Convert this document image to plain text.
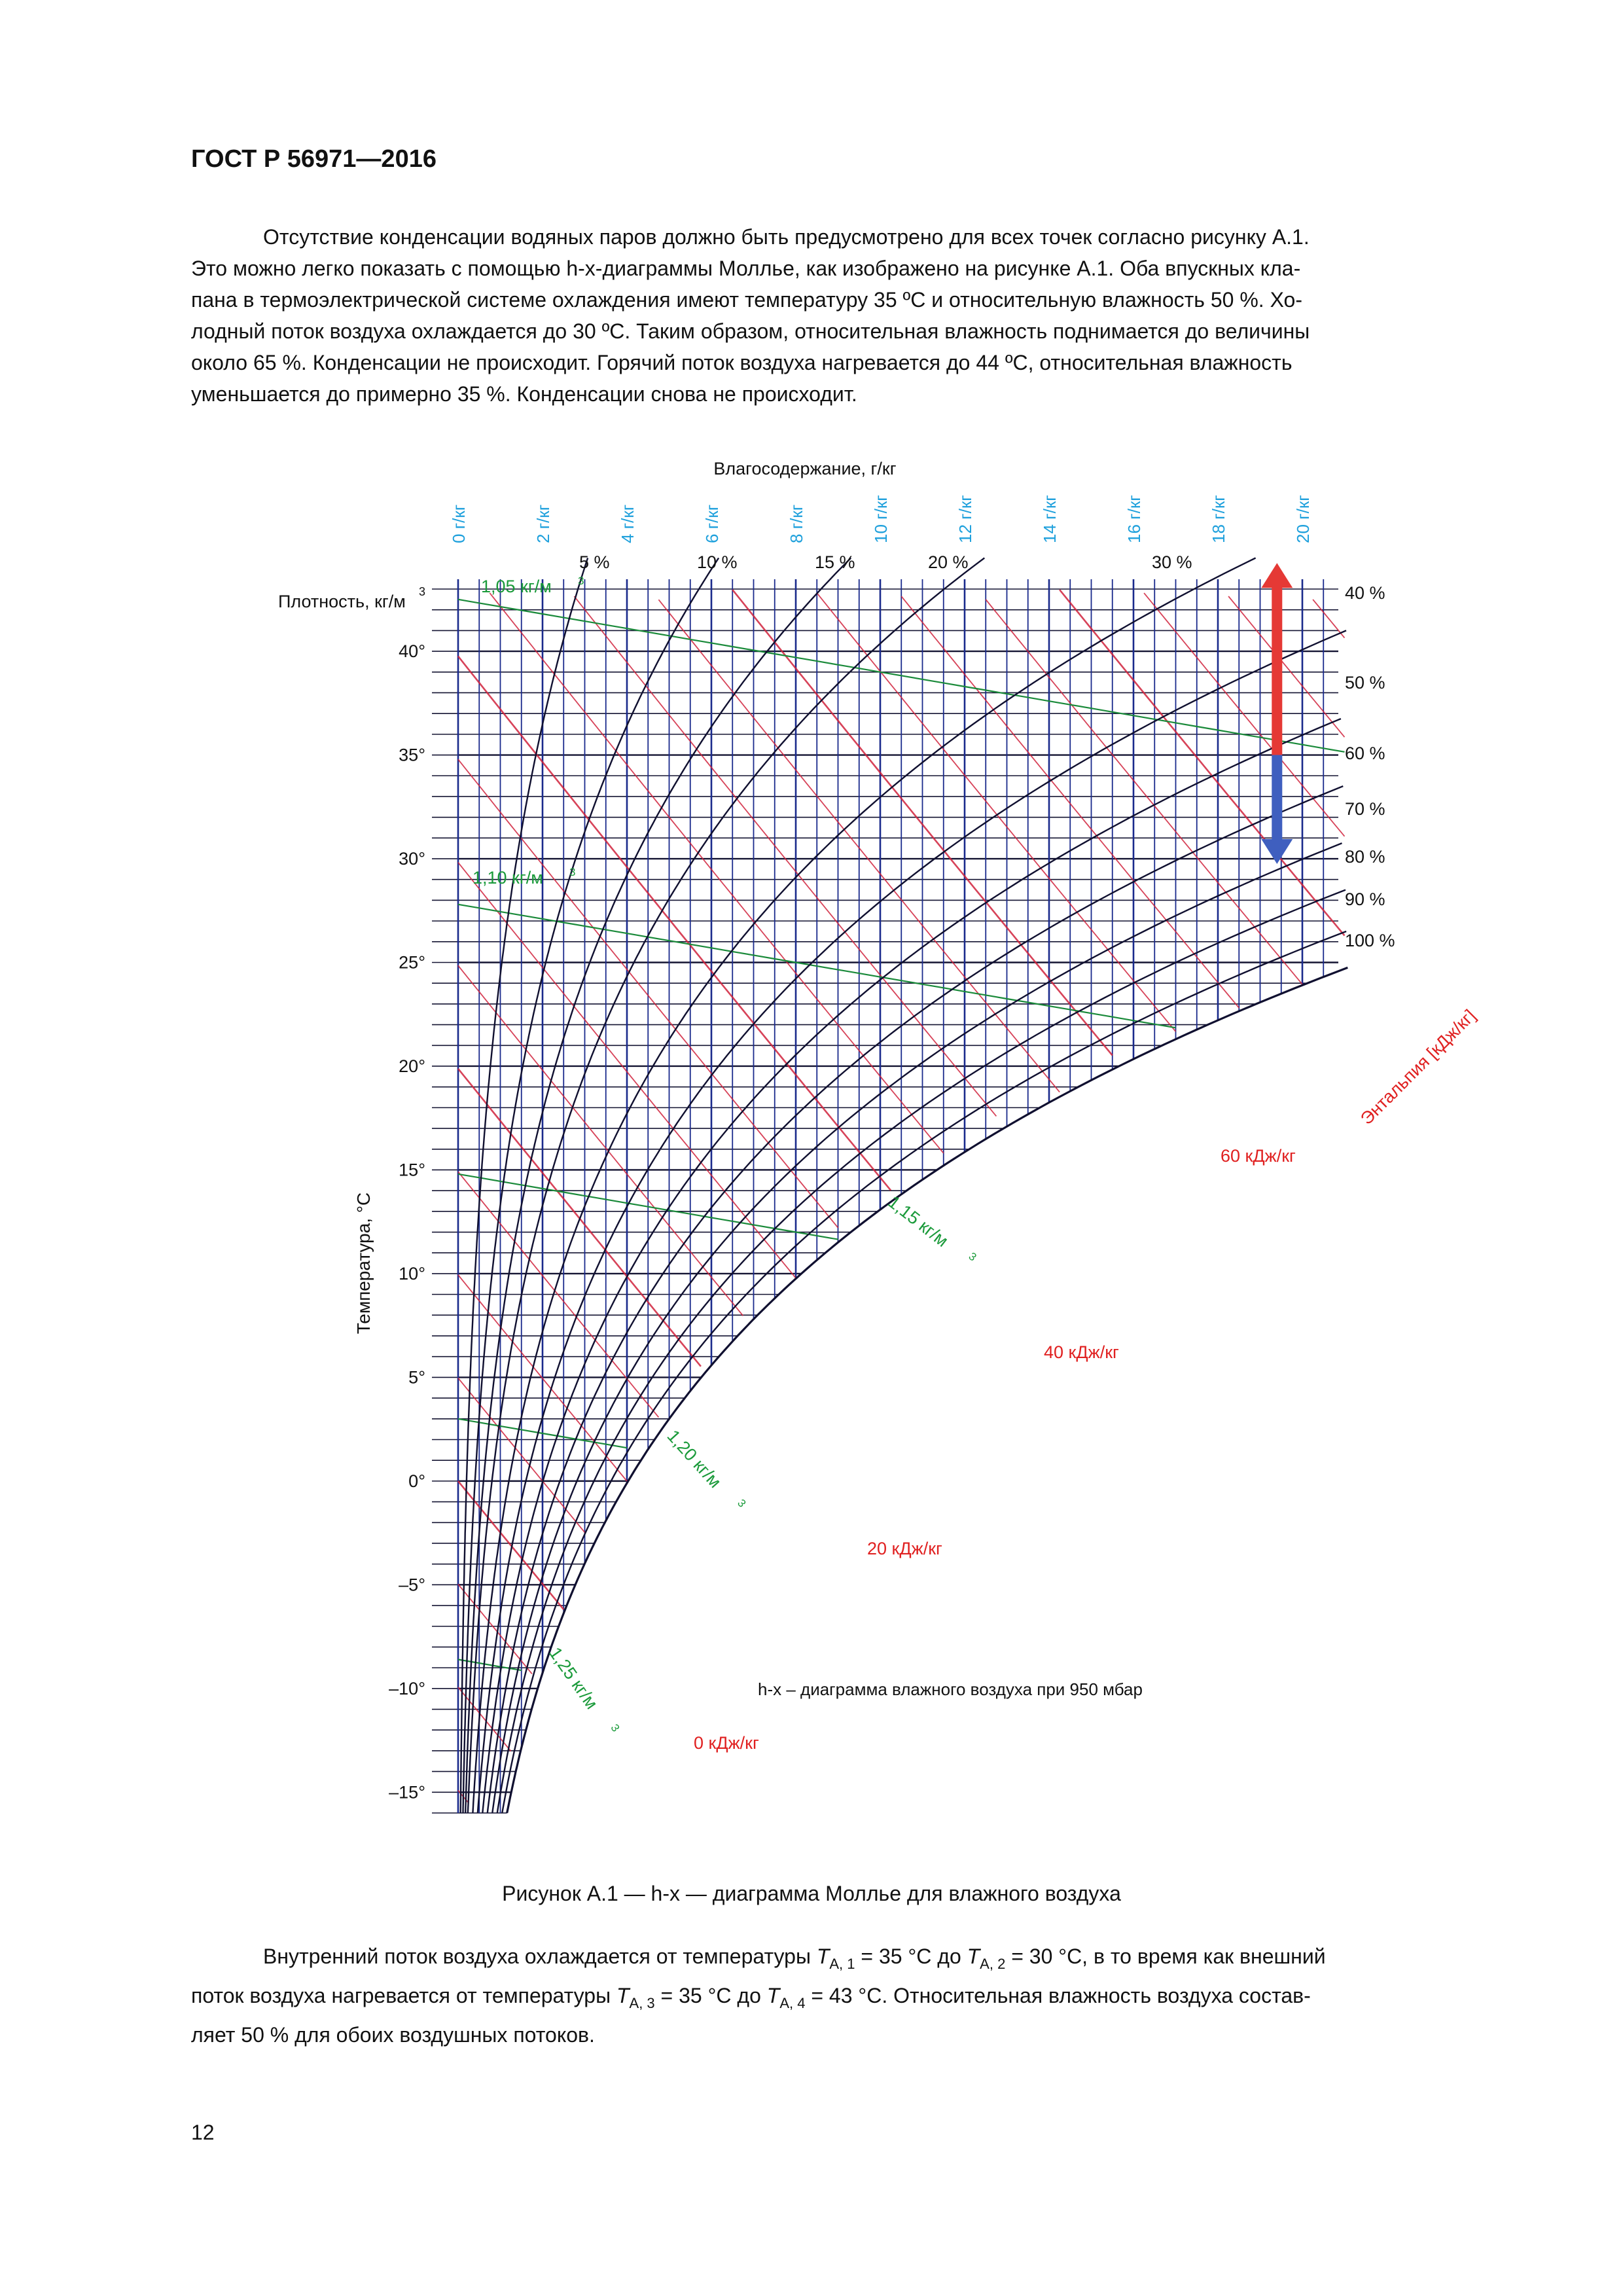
ГОСТ Р 56971—2016
Отсутствие конденсации водяных паров должно быть предусмотрено для всех точек согласно рисунку А.1.
Это можно легко показать с помощью h-x-диаграммы Моллье, как изображено на рисунке А.1. Оба впускных кла-
пана в термоэлектрической системе охлаждения имеют температуру 35 ºС и относительную влажность 50 %. Хо-
лодный поток воздуха охлаждается до 30 ºС. Таким образом, относительная влажность поднимается до величины
около 65 %. Конденсации не происходит. Горячий поток воздуха нагревается до 44 ºС, относительная влажность
уменьшается до примерно 35 %. Конденсации снова не происходит.
Влагосодержание, г/кг
0 г/кг	2 г/кг	4 г/кг	6 г/кг	8 г/кг	10 г/кг	12 г/кг	14 г/кг	16 г/кг	18 г/кг	20 г/кг
40°
35°
30°
25°
20°
15°
10°
5°
0°
–5°
–10°
–15°
Температура, °C
Плотность, кг/м 3
5 %	10 %	15 %	20 %	30 %
40 %
50 %
60 %
70 %
80 %
90 %
100 %
1,05 кг/м 3
1,10 кг/м 3
1,15 кг/м
3
1,20 кг/м
3
1,25 кг/м
3
0 кДж/кг
20 кДж/кг
40 кДж/кг
60 кДж/кг
Энтальпия [кДж/кг]
h-x – диаграмма влажного воздуха при 950 мбар
Рисунок А.1 — h-x — диаграмма Моллье для влажного воздуха
Внутренний поток воздуха охлаждается от температуры $T_{A, 1} = 35$ °С до $T_{A, 2} = 30$ °С, в то время как внешний
поток воздуха нагревается от температуры $T_{A, 3} = 35$ °С до $T_{A, 4} = 43$ °С. Относительная влажность воздуха состав-
ляет 50 % для обоих воздушных потоков.
12
